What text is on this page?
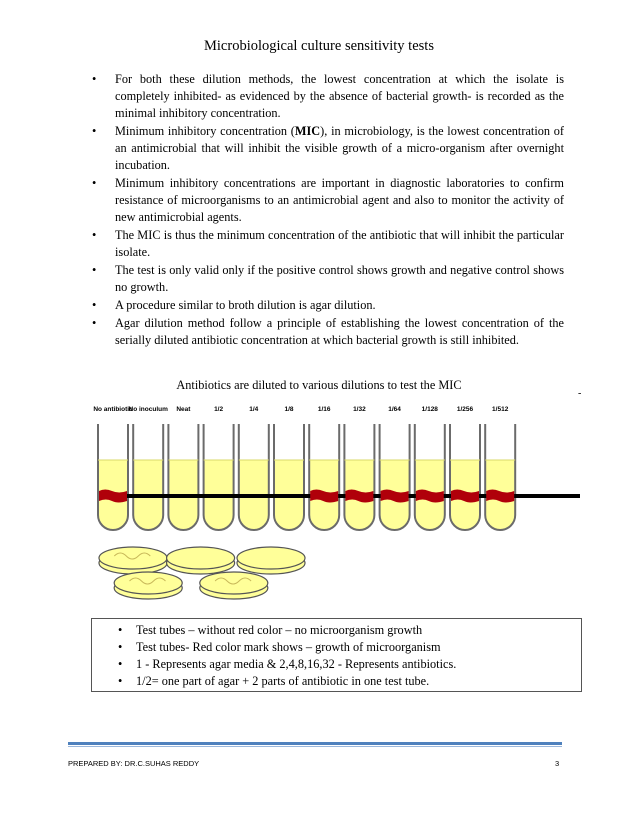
Microbiological culture sensitivity tests
• For both these dilution methods, the lowest concentration at which the isolate is completely inhibited- as evidenced by the absence of bacterial growth- is recorded as the minimal inhibitory concentration.
• Minimum inhibitory concentration (MIC), in microbiology, is the lowest concentration of an antimicrobial that will inhibit the visible growth of a micro-organism after overnight incubation.
• Minimum inhibitory concentrations are important in diagnostic laboratories to confirm resistance of microorganisms to an antimicrobial agent and also to monitor the activity of new antimicrobial agents.
• The MIC is thus the minimum concentration of the antibiotic that will inhibit the particular isolate.
• The test is only valid only if the positive control shows growth and negative control shows no growth.
• A procedure similar to broth dilution is agar dilution.
• Agar dilution method follow a principle of establishing the lowest concentration of the serially diluted antibiotic concentration at which bacterial growth is still inhibited.
Antibiotics are diluted to various dilutions to test the MIC
-
No antibiotic
No inoculum Neat	1/2	1/4	1/8	1/16	1/32	1/64	1/128	1/256	1/512
• Test tubes – without red color – no microorganism growth
• Test tubes- Red color mark shows – growth of microorganism
• 1 - Represents agar media & 2,4,8,16,32 - Represents antibiotics.
• 1/2= one part of agar + 2 parts of antibiotic in one test tube.
PREPARED BY: DR.C.SUHAS REDDY	3
